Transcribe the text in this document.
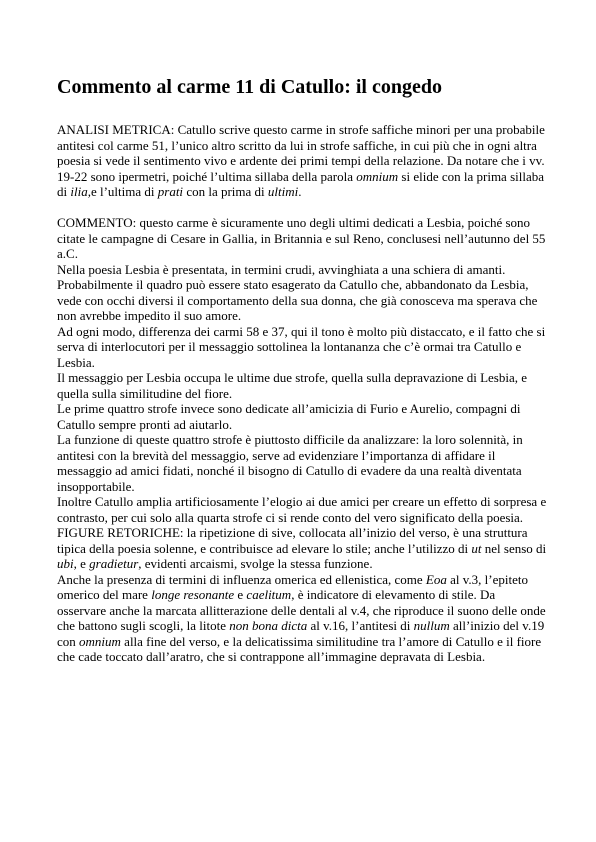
Commento al carme 11 di Catullo: il congedo

ANALISI METRICA: Catullo scrive questo carme in strofe saffiche minori per una probabile antitesi col carme 51, l’unico altro scritto da lui in strofe saffiche, in cui più che in ogni altra poesia si vede il sentimento vivo e ardente dei primi tempi della relazione. Da notare che i vv. 19-22 sono ipermetri, poiché l’ultima sillaba della parola omnium si elide con la prima sillaba di ilia,e l’ultima di prati con la prima di ultimi.

COMMENTO: questo carme è sicuramente uno degli ultimi dedicati a Lesbia, poiché sono citate le campagne di Cesare in Gallia, in Britannia e sul Reno, conclusesi nell’autunno del 55 a.C.

Nella poesia Lesbia è presentata, in termini crudi, avvinghiata a una schiera di amanti. Probabilmente il quadro può essere stato esagerato da Catullo che, abbandonato da Lesbia, vede con occhi diversi il comportamento della sua donna, che già conosceva ma sperava che non avrebbe impedito il suo amore.

Ad ogni modo, differenza dei carmi 58 e 37, qui il tono è molto più distaccato, e il fatto che si serva di interlocutori per il messaggio sottolinea la lontananza che c’è ormai tra Catullo e Lesbia.

Il messaggio per Lesbia occupa le ultime due strofe, quella sulla depravazione di Lesbia, e quella sulla similitudine del fiore.

Le prime quattro strofe invece sono dedicate all’amicizia di Furio e Aurelio, compagni di Catullo sempre pronti ad aiutarlo.

La funzione di queste quattro strofe è piuttosto difficile da analizzare: la loro solennità, in antitesi con la brevità del messaggio, serve ad evidenziare l’importanza di affidare il messaggio ad amici fidati, nonché il bisogno di Catullo di evadere da una realtà diventata insopportabile.

Inoltre Catullo amplia artificiosamente l’elogio ai due amici per creare un effetto di sorpresa e contrasto, per cui solo alla quarta strofe ci si rende conto del vero significato della poesia.

FIGURE RETORICHE: la ripetizione di sive, collocata all’inizio del verso, è una struttura tipica della poesia solenne, e contribuisce ad elevare lo stile; anche l’utilizzo di ut nel senso di ubi, e gradietur, evidenti arcaismi, svolge la stessa funzione.

Anche la presenza di termini di influenza omerica ed ellenistica, come Eoa al v.3, l’epiteto omerico del mare longe resonante e caelitum, è indicatore di elevamento di stile. Da osservare anche la marcata allitterazione delle dentali al v.4, che riproduce il suono delle onde che battono sugli scogli, la litote non bona dicta al v.16, l’antitesi di nullum all’inizio del v.19 con omnium alla fine del verso, e la delicatissima similitudine tra l’amore di Catullo e il fiore che cade toccato dall’aratro, che si contrappone all’immagine depravata di Lesbia.
